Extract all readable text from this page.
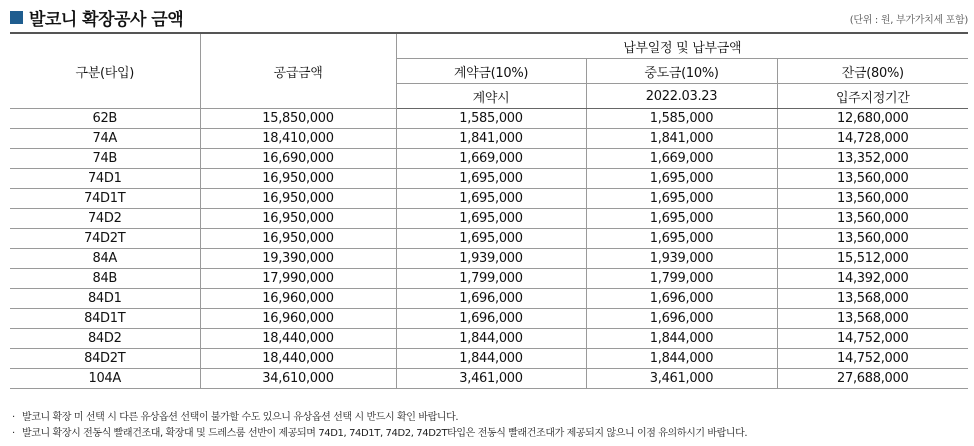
발코니 확장공사 금액	(단위 : 원, 부가가치세 포함)
구분(타입)	공급금액	납부일정 및 납부금액		
		계약금(10%)	중도금(10%)	잔금(80%)
		계약시	2022.03.23	입주지정기간
62B	15,850,000	1,585,000	1,585,000	12,680,000
74A	18,410,000	1,841,000	1,841,000	14,728,000
74B	16,690,000	1,669,000	1,669,000	13,352,000
74D1	16,950,000	1,695,000	1,695,000	13,560,000
74D1T	16,950,000	1,695,000	1,695,000	13,560,000
74D2	16,950,000	1,695,000	1,695,000	13,560,000
74D2T	16,950,000	1,695,000	1,695,000	13,560,000
84A	19,390,000	1,939,000	1,939,000	15,512,000
84B	17,990,000	1,799,000	1,799,000	14,392,000
84D1	16,960,000	1,696,000	1,696,000	13,568,000
84D1T	16,960,000	1,696,000	1,696,000	13,568,000
84D2	18,440,000	1,844,000	1,844,000	14,752,000
84D2T	18,440,000	1,844,000	1,844,000	14,752,000
104A	34,610,000	3,461,000	3,461,000	27,688,000
· 발코니 확장 미 선택 시 다른 유상옵션 선택이 불가할 수도 있으니 유상옵션 선택 시 반드시 확인 바랍니다.
· 발코니 확장시 전동식 빨래건조대, 확장대 및 드레스룸 선반이 제공되며 74D1, 74D1T, 74D2, 74D2T타입은 전동식 빨래건조대가 제공되지 않으니 이점 유의하시기 바랍니다.
